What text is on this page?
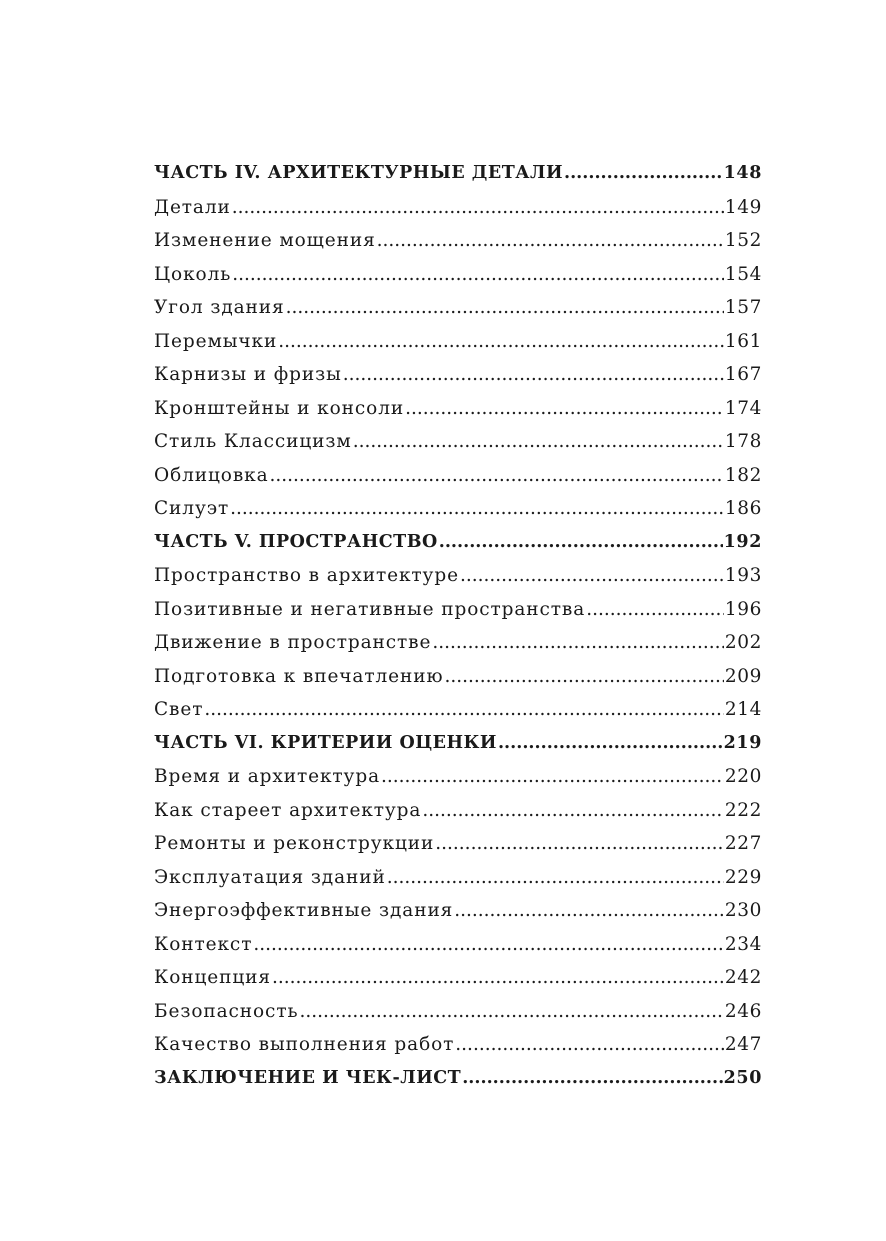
ЧАСТЬ IV. АРХИТЕКТУРНЫЕ ДЕТАЛИ .....	148
Детали .....	149
Изменение мощения .....	152
Цоколь .....	154
Угол здания .....	157
Перемычки .....	161
Карнизы и фризы .....	167
Кронштейны и консоли .....	174
Стиль Классицизм .....	178
Облицовка .....	182
Силуэт .....	186
ЧАСТЬ V. ПРОСТРАНСТВО .....	192
Пространство в архитектуре .....	193
Позитивные и негативные пространства .....	196
Движение в пространстве .....	202
Подготовка к впечатлению .....	209
Свет .....	214
ЧАСТЬ VI. КРИТЕРИИ ОЦЕНКИ .....	219
Время и архитектура .....	220
Как стареет архитектура .....	222
Ремонты и реконструкции .....	227
Эксплуатация зданий .....	229
Энергоэффективные здания .....	230
Контекст .....	234
Концепция .....	242
Безопасность .....	246
Качество выполнения работ .....	247
ЗАКЛЮЧЕНИЕ И ЧЕК-ЛИСТ .....	250
